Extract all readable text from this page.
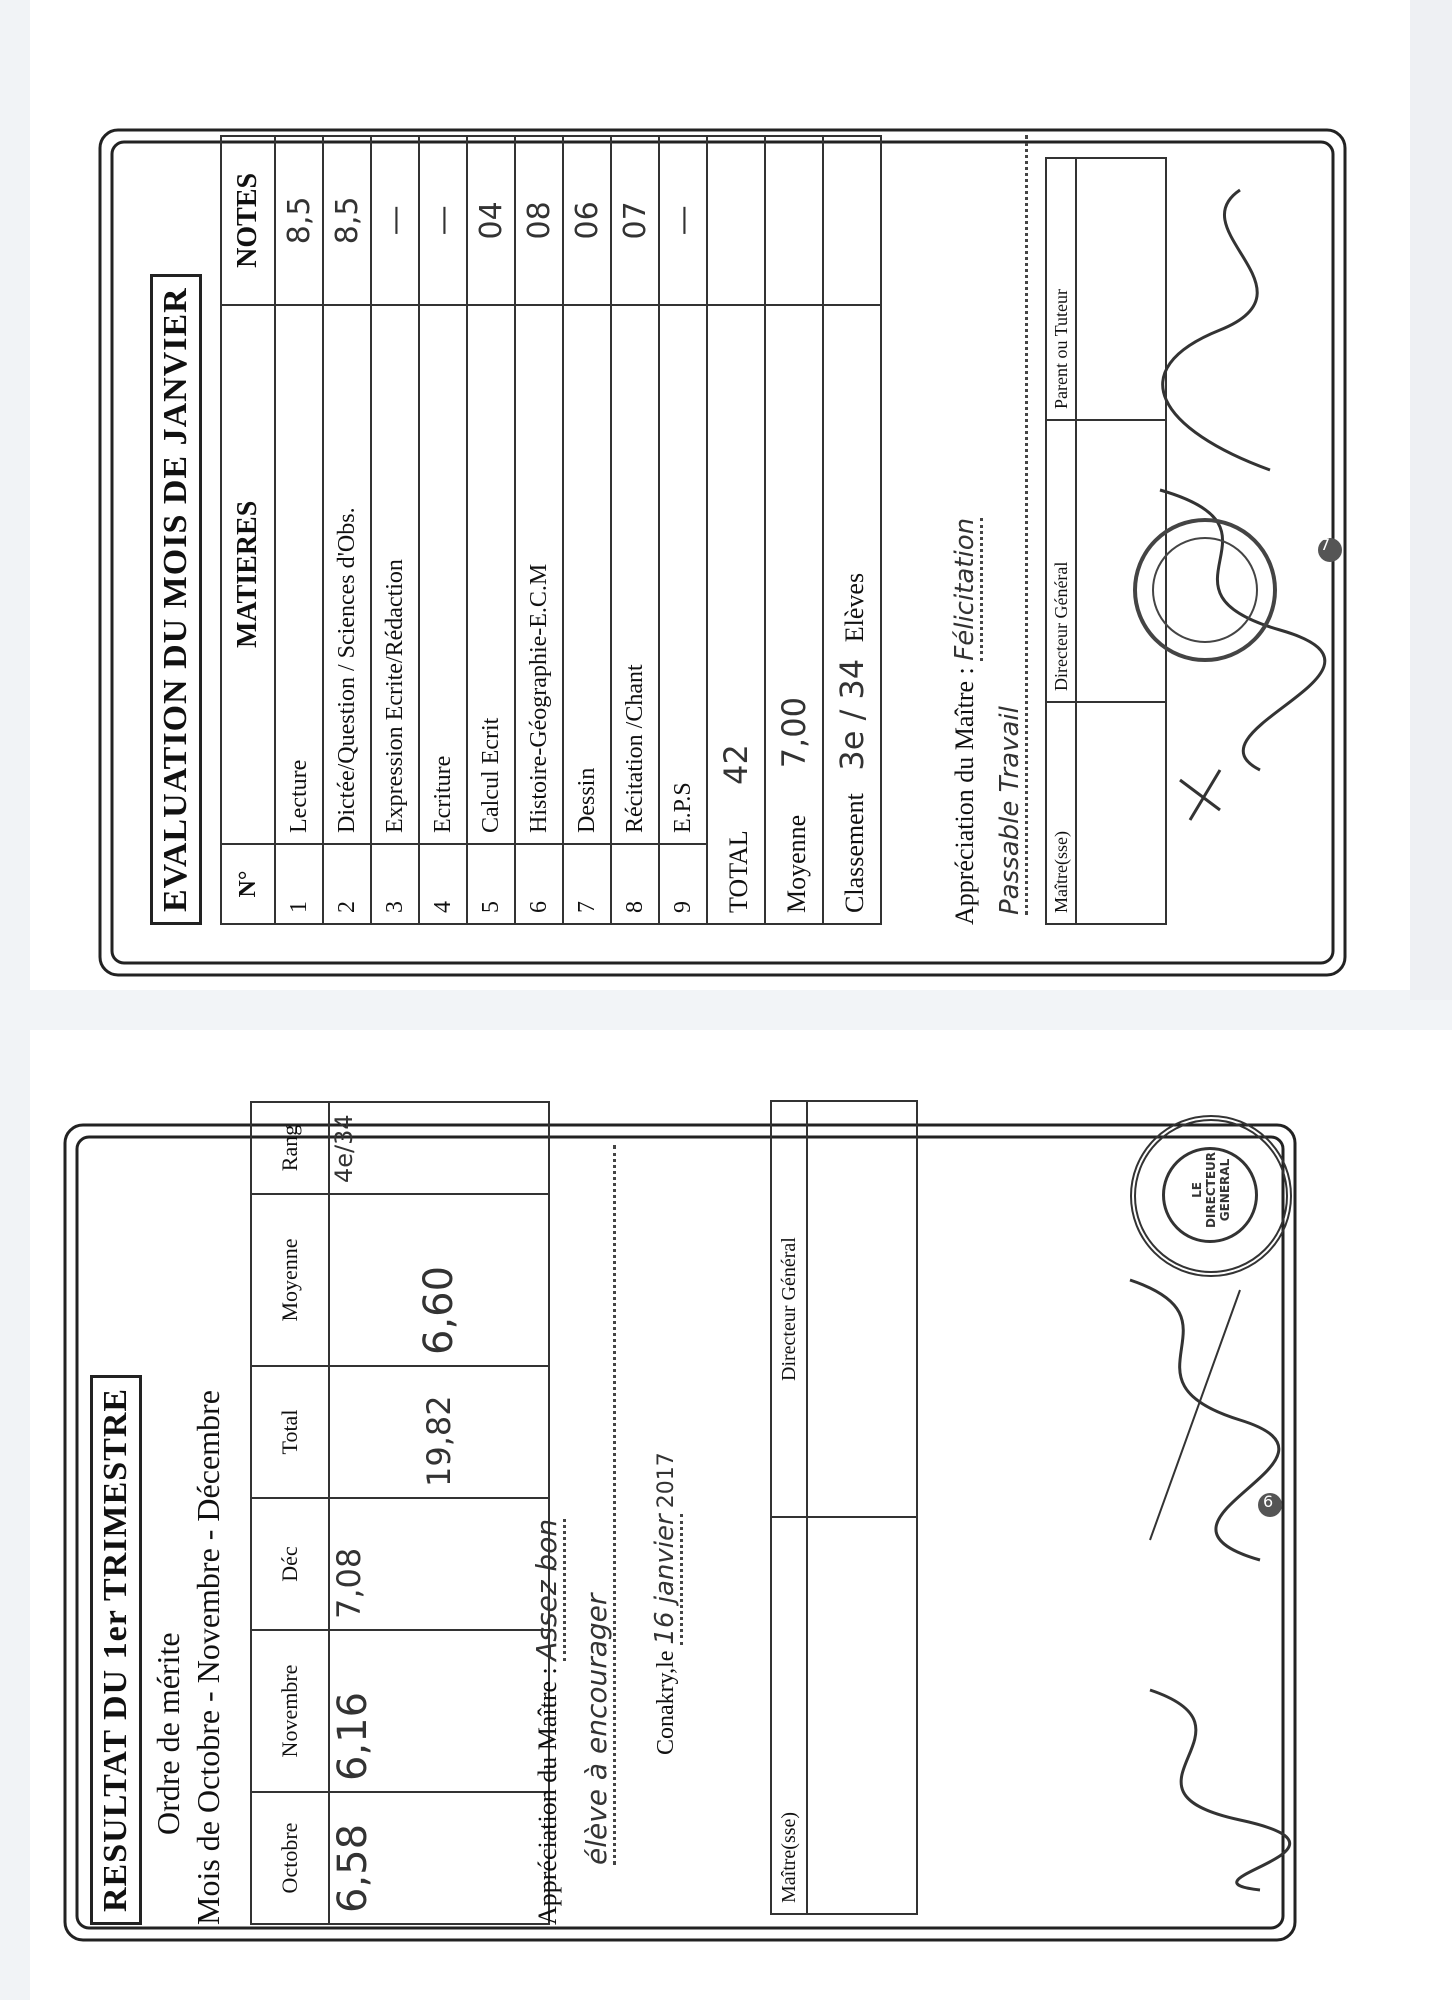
EVALUATION DU MOIS DE JANVIER	N°	MATIERES	NOTES
1	Lecture	8,5
2	Dictée/Question / Sciences d'Obs.	8,5
3	Expression Ecrite/Rédaction	—
4	Ecriture	—
5	Calcul Ecrit	04
6	Histoire-Géographie-E.C.M	08
7	Dessin	06
8	Récitation /Chant	07
9	E.P.S	—
TOTAL 42		
Moyenne 7,00		
Classement 3e / 34 Elèves		
Appréciation du Maître : Félicitation
Passable Travail Maître(sse)	Directeur Général	Parent ou Tuteur

RESULTAT DU 1er TRIMESTRE Ordre de mérite Mois de Octobre - Novembre - Décembre Octobre	Novembre	Déc	Total	Moyenne	Rang
6,58	6,16	7,08	19,82	6,60	4e/34
Appréciation du Maître : Assez bon
élève à encourager Conakry,le 16 janvier 2017
Maître(sse)	Directeur Général

LE DIRECTEUR GENERAL
7
6
